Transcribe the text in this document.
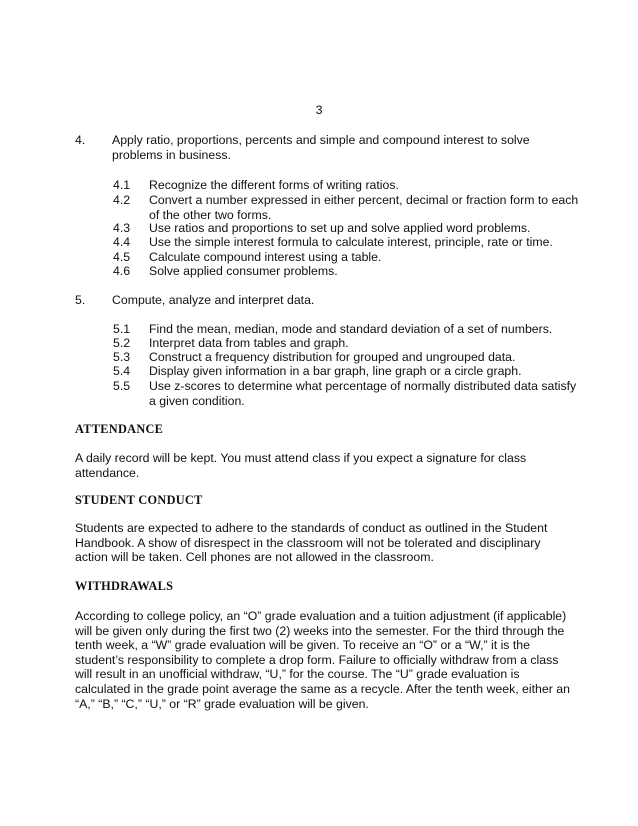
3
4.	Apply ratio, proportions, percents and simple and compound interest to solve problems in business.
4.1	Recognize the different forms of writing ratios.
4.2	Convert a number expressed in either percent, decimal or fraction form to each of the other two forms.
4.3	Use ratios and proportions to set up and solve applied word problems.
4.4	Use the simple interest formula to calculate interest, principle, rate or time.
4.5	Calculate compound interest using a table.
4.6	Solve applied consumer problems.
5.	Compute, analyze and interpret data.
5.1	Find the mean, median, mode and standard deviation of a set of numbers.
5.2	Interpret data from tables and graph.
5.3	Construct a frequency distribution for grouped and ungrouped data.
5.4	Display given information in a bar graph, line graph or a circle graph.
5.5	Use z-scores to determine what percentage of normally distributed data satisfy a given condition.
ATTENDANCE
A daily record will be kept. You must attend class if you expect a signature for class attendance.
STUDENT CONDUCT
Students are expected to adhere to the standards of conduct as outlined in the Student Handbook. A show of disrespect in the classroom will not be tolerated and disciplinary action will be taken. Cell phones are not allowed in the classroom.
WITHDRAWALS
According to college policy, an “O” grade evaluation and a tuition adjustment (if applicable) will be given only during the first two (2) weeks into the semester. For the third through the tenth week, a “W” grade evaluation will be given. To receive an “O” or a “W,” it is the student’s responsibility to complete a drop form. Failure to officially withdraw from a class will result in an unofficial withdraw, “U,” for the course. The “U” grade evaluation is calculated in the grade point average the same as a recycle. After the tenth week, either an “A,” “B,” “C,” “U,” or “R” grade evaluation will be given.
